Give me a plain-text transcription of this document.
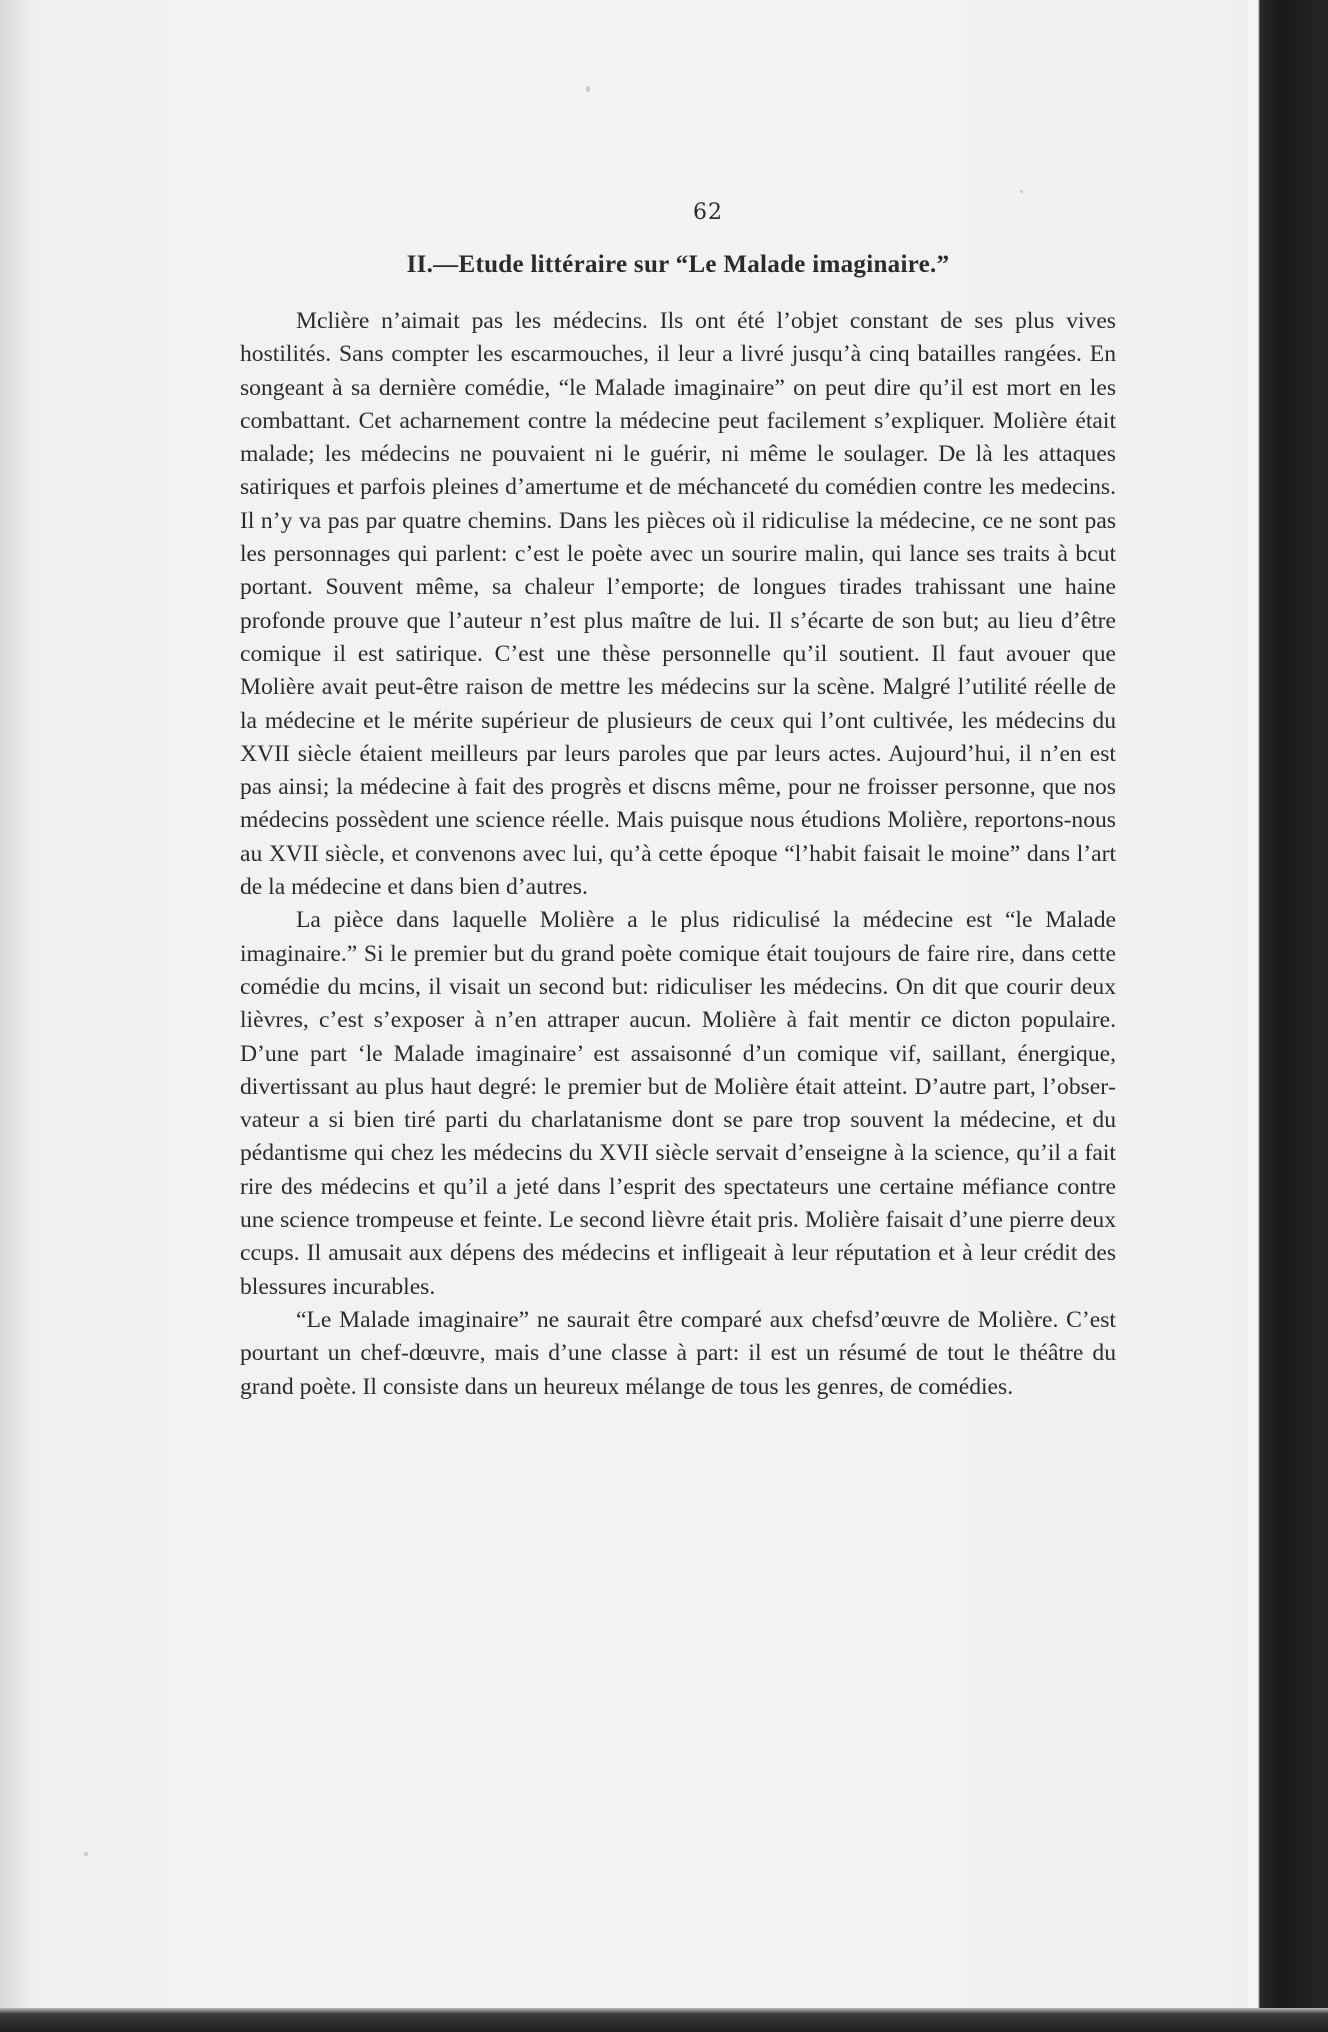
62
II.—Etude littéraire sur “Le Malade imaginaire.”

Mclière n’aimait pas les médecins. Ils ont été l’objet constant de ses plus vives hostilités. Sans compter les escarmouches, il leur a livré jusqu’à cinq batailles rangées. En songeant à sa dernière comédie, “le Malade imaginaire” on peut dire qu’il est mort en les combattant. Cet acharnement contre la médecine peut facilement s’expliquer. Molière était malade; les médecins ne pouvaient ni le guérir, ni même le soulager. De là les attaques satiriques et parfois pleines d’amertume et de méchanceté du comédien contre les medecins. Il n’y va pas par quatre chemins. Dans les pièces où il ridiculise la médecine, ce ne sont pas les personnages qui parlent: c’est le poète avec un sourire malin, qui lance ses traits à bcut portant. Souvent même, sa chaleur l’emporte; de longues tirades trahissant une haine profonde prouve que l’auteur n’est plus maître de lui. Il s’écarte de son but; au lieu d’être comique il est satirique. C’est une thèse personnelle qu’il soutient. Il faut avouer que Molière avait peut-être raison de mettre les médecins sur la scène. Malgré l’utilité réelle de la médecine et le mérite supérieur de plusieurs de ceux qui l’ont cultivée, les médecins du XVII siècle étaient meilleurs par leurs paroles que par leurs actes. Aujourd’hui, il n’en est pas ainsi; la médecine à fait des progrès et discns même, pour ne froisser personne, que nos médecins possèdent une science réelle. Mais puisque nous étudions Molière, reportons-nous au XVII siècle, et convenons avec lui, qu’à cette époque “l’habit faisait le moine” dans l’art de la médecine et dans bien d’autres.

La pièce dans laquelle Molière a le plus ridiculisé la médecine est “le Malade imaginaire.” Si le premier but du grand poète comique était toujours de faire rire, dans cette comédie du mcins, il visait un second but: ridiculiser les médecins. On dit que courir deux lièvres, c’est s’exposer à n’en attraper aucun. Molière à fait mentir ce dicton populaire. D’une part ‘le Malade imaginaire’ est assaisonné d’un comique vif, saillant, énergique, divertissant au plus haut degré: le premier but de Molière était atteint. D’autre part, l’observateur a si bien tiré parti du charlatanisme dont se pare trop souvent la médecine, et du pédantisme qui chez les médecins du XVII siècle servait d’enseigne à la science, qu’il a fait rire des médecins et qu’il a jeté dans l’esprit des spectateurs une certaine méfiance contre une science trompeuse et feinte. Le second lièvre était pris. Molière faisait d’une pierre deux ccups. Il amusait aux dépens des médecins et infligeait à leur réputation et à leur crédit des blessures incurables.

“Le Malade imaginaire” ne saurait être comparé aux chefsd’œuvre de Molière. C’est pourtant un chef-dœuvre, mais d’une classe à part: il est un résumé de tout le théâtre du grand poète. Il consiste dans un heureux mélange de tous les genres, de comédies.
